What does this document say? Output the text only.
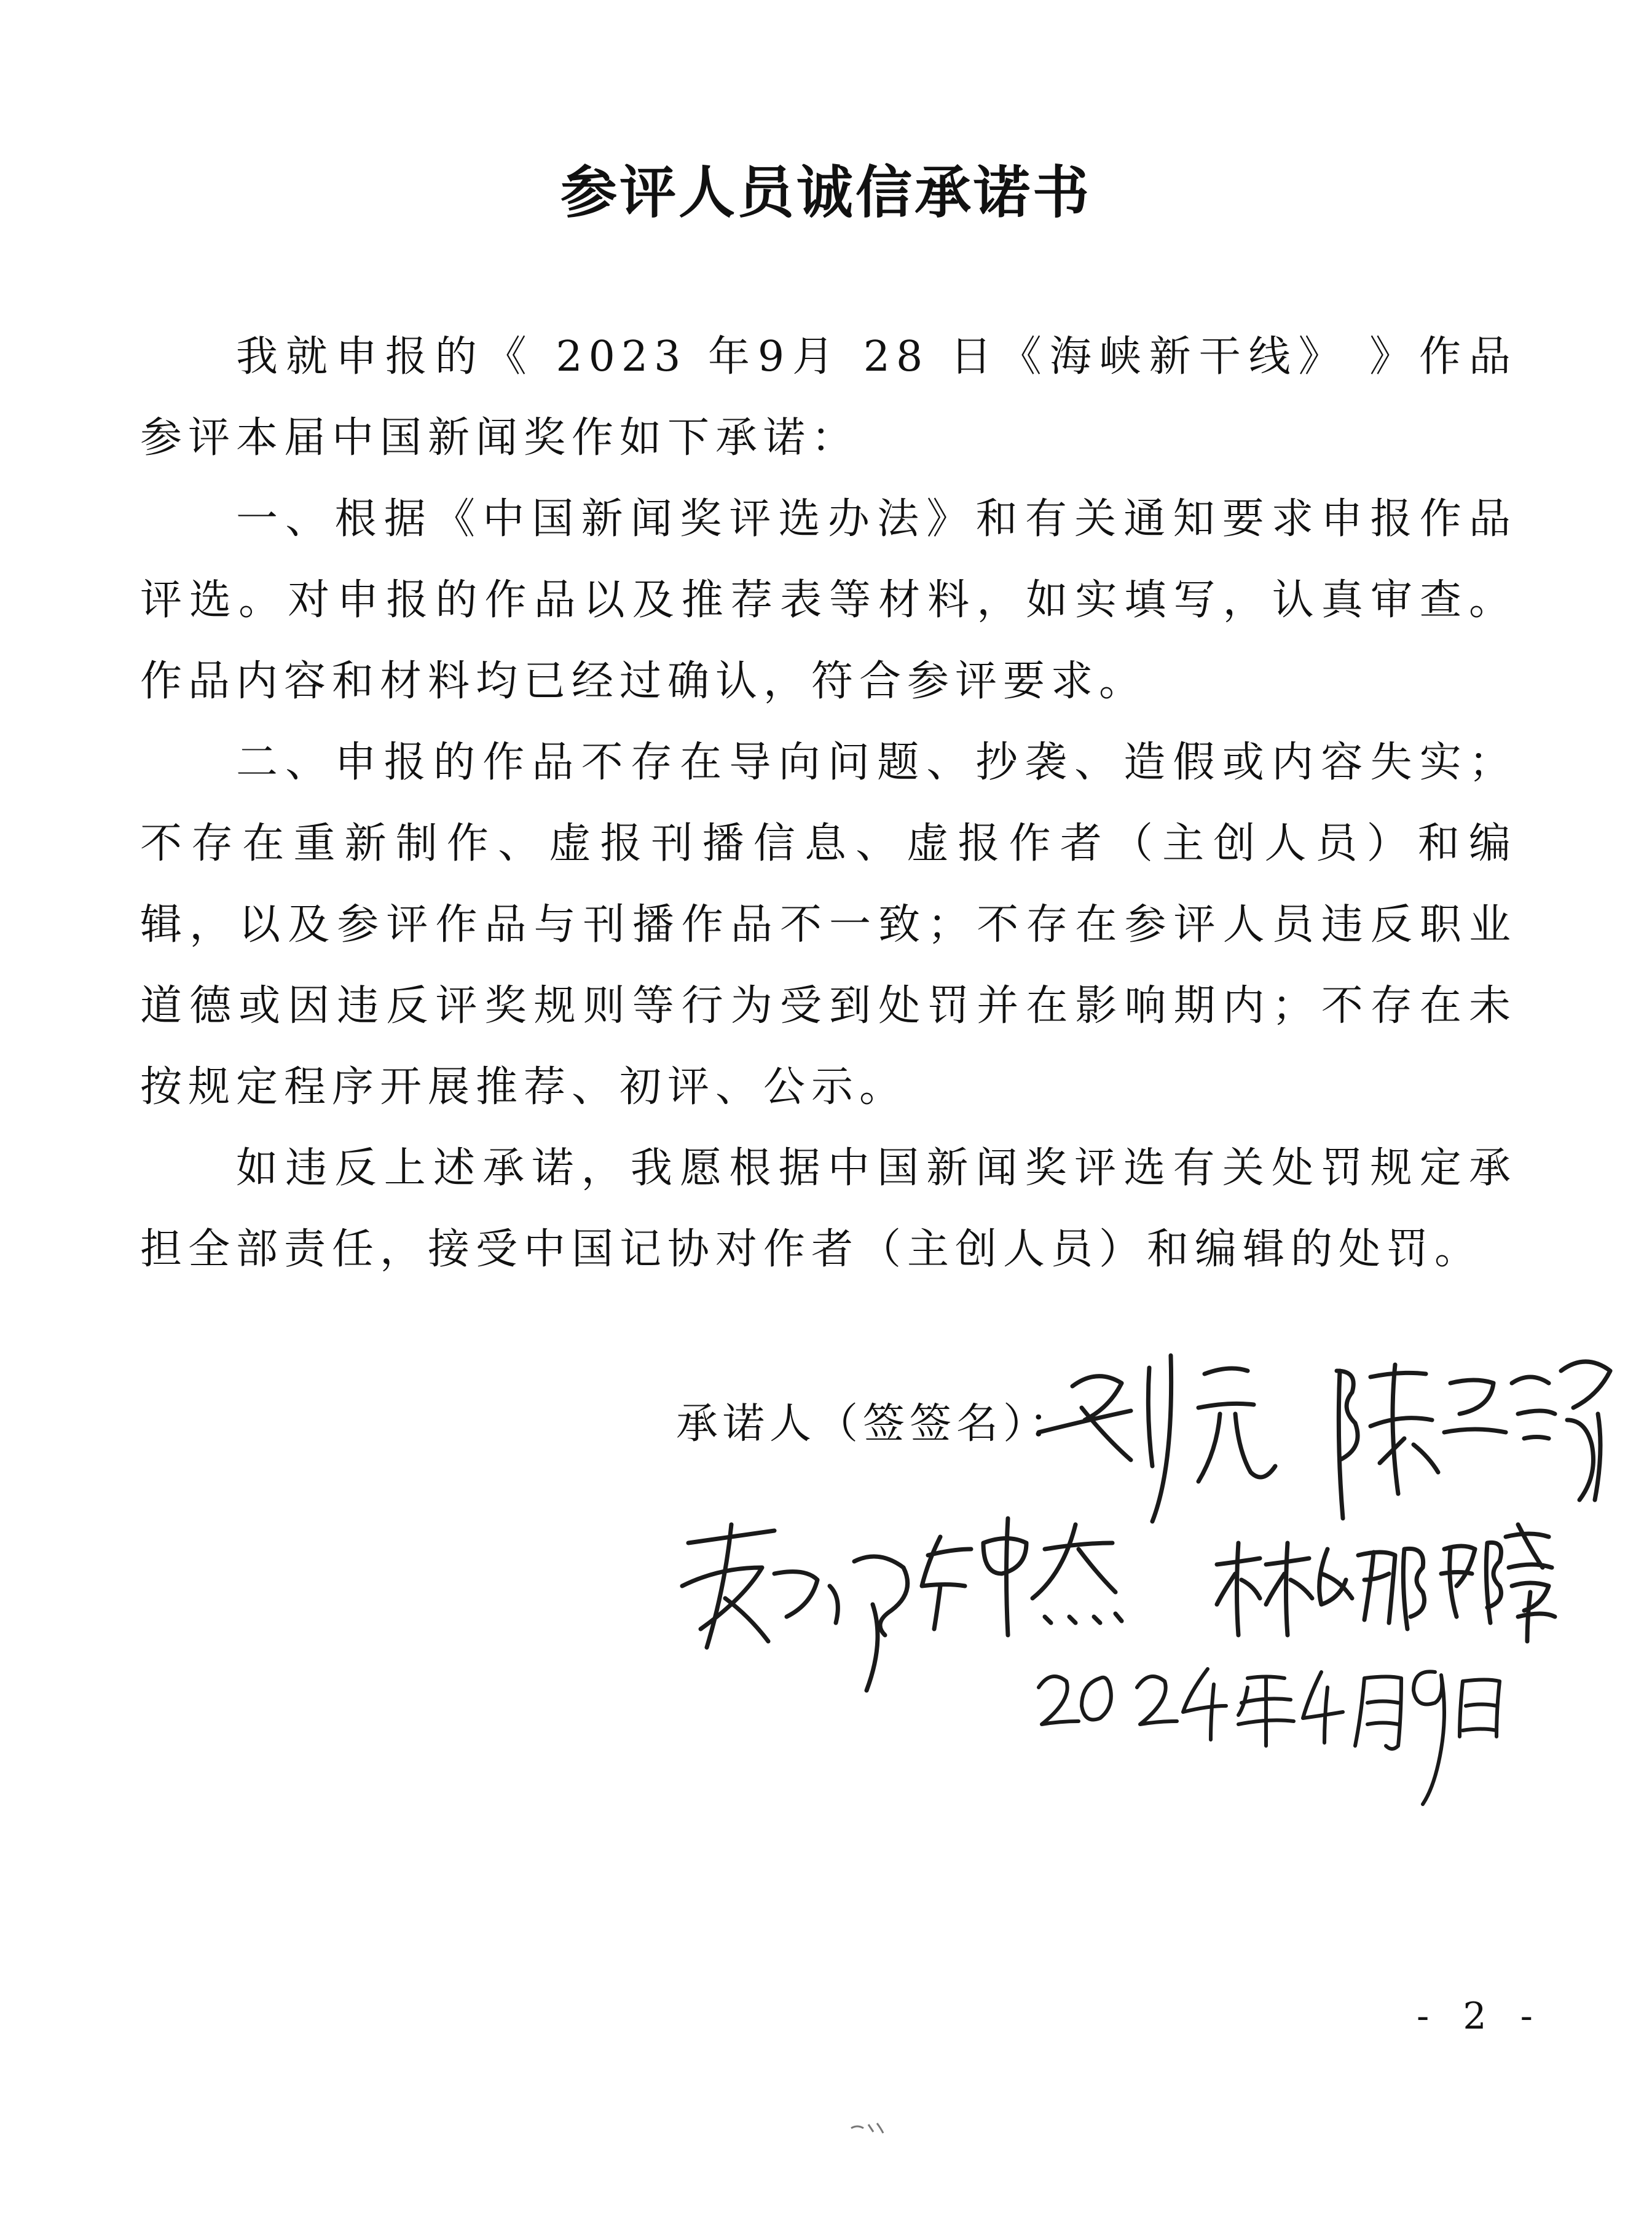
参评人员诚信承诺书

我就申报的《 2023 年9月 28 日《海峡新干线》 》作品参评本届中国新闻奖作如下承诺：

一、根据《中国新闻奖评选办法》和有关通知要求申报作品评选。对申报的作品以及推荐表等材料，如实填写，认真审查。作品内容和材料均已经过确认，符合参评要求。

二、申报的作品不存在导向问题、抄袭、造假或内容失实；不存在重新制作、虚报刊播信息、虚报作者（主创人员）和编辑，以及参评作品与刊播作品不一致；不存在参评人员违反职业道德或因违反评奖规则等行为受到处罚并在影响期内；不存在未按规定程序开展推荐、初评、公示。

如违反上述承诺，我愿根据中国新闻奖评选有关处罚规定承担全部责任，接受中国记协对作者（主创人员）和编辑的处罚。

承诺人（签签名）：
- 2 -
